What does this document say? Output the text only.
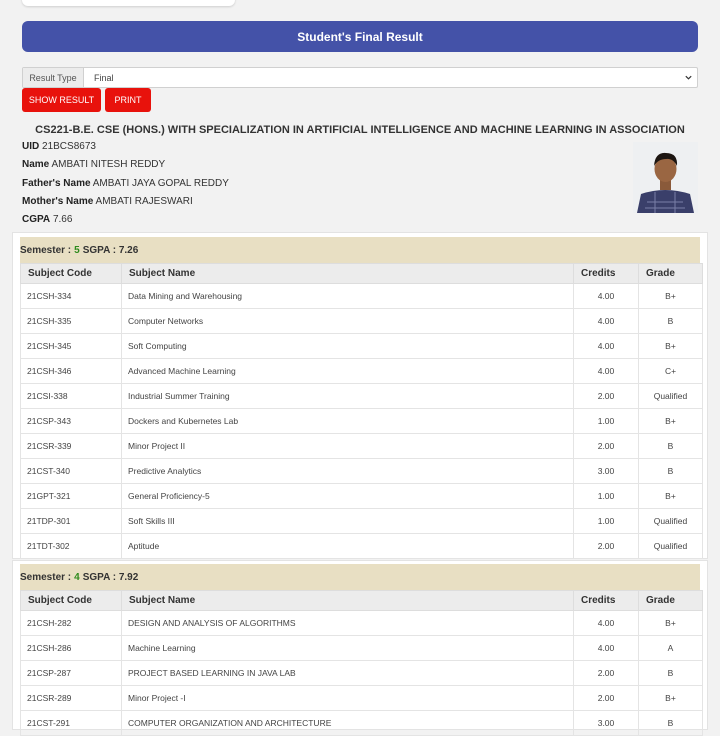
Student's Final Result
Result Type	Final
SHOW RESULT	PRINT
CS221-B.E. CSE (HONS.) WITH SPECIALIZATION IN ARTIFICIAL INTELLIGENCE AND MACHINE LEARNING IN ASSOCIATION
UID 21BCS8673
Name AMBATI NITESH REDDY
Father's Name AMBATI JAYA GOPAL REDDY
Mother's Name AMBATI RAJESWARI
CGPA 7.66
Semester : 5 SGPA :
7.26
Subject Code	Subject Name	Credits	Grade
21CSH-334	Data Mining and Warehousing	4.00	B+
21CSH-335	Computer Networks	4.00	B
21CSH-345	Soft Computing	4.00	B+
21CSH-346	Advanced Machine Learning	4.00	C+
21CSI-338	Industrial Summer Training	2.00	Qualified
21CSP-343	Dockers and Kubernetes Lab	1.00	B+
21CSR-339	Minor Project II	2.00	B
21CST-340	Predictive Analytics	3.00	B
21GPT-321	General Proficiency-5	1.00	B+
21TDP-301	Soft Skills III	1.00	Qualified
21TDT-302	Aptitude	2.00	Qualified
Semester : 4 SGPA :
7.92
Subject Code	Subject Name	Credits	Grade
21CSH-282	DESIGN AND ANALYSIS OF ALGORITHMS	4.00	B+
21CSH-286	Machine Learning	4.00	A
21CSP-287	PROJECT BASED LEARNING IN JAVA LAB	2.00	B
21CSR-289	Minor Project -I	2.00	B+
21CST-291	COMPUTER ORGANIZATION AND ARCHITECTURE	3.00	B
